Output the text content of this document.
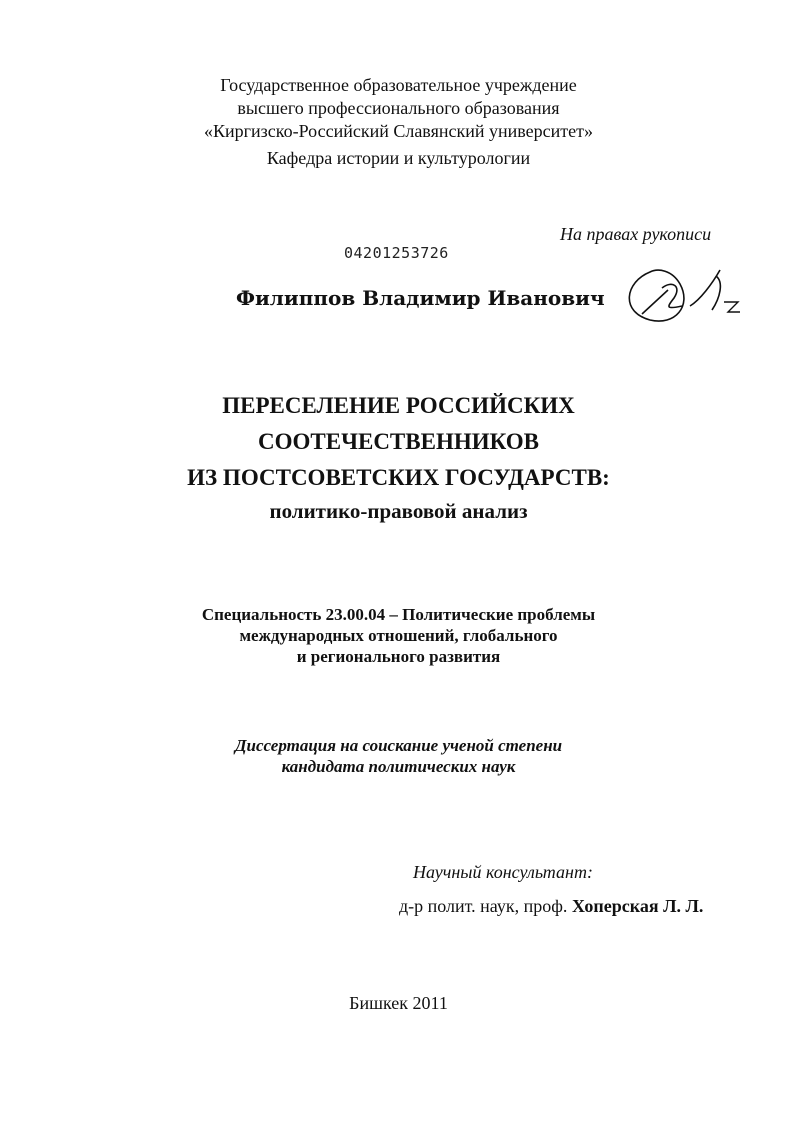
Государственное образовательное учреждение
высшего профессионального образования
«Киргизско-Российский Славянский университет»
Кафедра истории и культурологии
На правах рукописи
04201253726
Филиппов Владимир Иванович
ПЕРЕСЕЛЕНИЕ РОССИЙСКИХ
СООТЕЧЕСТВЕННИКОВ
ИЗ ПОСТСОВЕТСКИХ ГОСУДАРСТВ:
политико-правовой анализ
Специальность 23.00.04 – Политические проблемы
международных отношений, глобального
и регионального развития
Диссертация на соискание ученой степени
кандидата политических наук
Научный консультант:
д-р полит. наук, проф. Хоперская Л. Л.
Бишкек 2011
